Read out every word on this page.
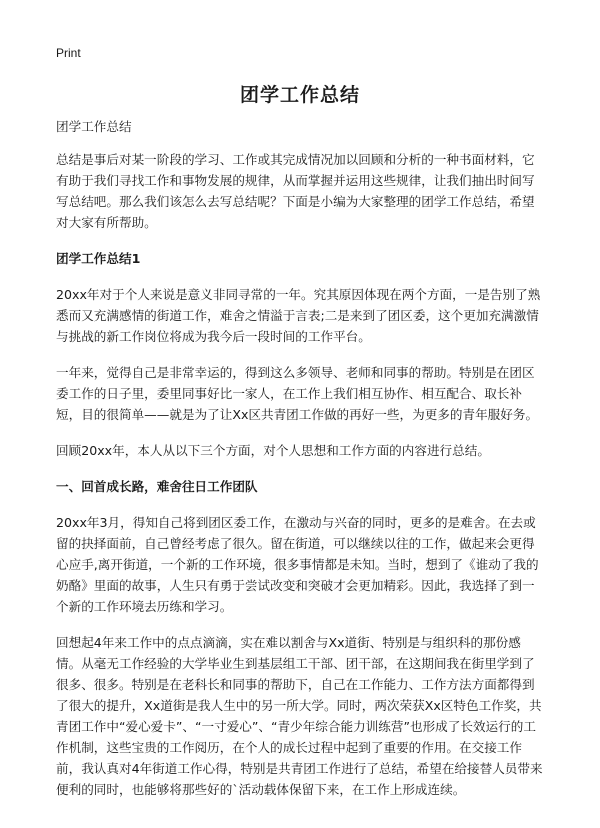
Print
团学工作总结

团学工作总结

总结是事后对某一阶段的学习、工作或其完成情况加以回顾和分析的一种书面材料，它有助于我们寻找工作和事物发展的规律，从而掌握并运用这些规律，让我们抽出时间写写总结吧。那么我们该怎么去写总结呢？下面是小编为大家整理的团学工作总结，希望对大家有所帮助。

团学工作总结1

20xx年对于个人来说是意义非同寻常的一年。究其原因体现在两个方面，一是告别了熟悉而又充满感情的街道工作，难舍之情溢于言表;二是来到了团区委，这个更加充满激情与挑战的新工作岗位将成为我今后一段时间的工作平台。

一年来，觉得自己是非常幸运的，得到这么多领导、老师和同事的帮助。特别是在团区委工作的日子里，委里同事好比一家人，在工作上我们相互协作、相互配合、取长补短，目的很简单——就是为了让Xx区共青团工作做的再好一些，为更多的青年服好务。

回顾20xx年，本人从以下三个方面，对个人思想和工作方面的内容进行总结。

一、回首成长路，难舍往日工作团队

20xx年3月，得知自己将到团区委工作，在激动与兴奋的同时，更多的是难舍。在去或留的抉择面前，自己曾经考虑了很久。留在街道，可以继续以往的工作，做起来会更得心应手,离开街道，一个新的工作环境，很多事情都是未知。当时，想到了《谁动了我的奶酪》里面的故事，人生只有勇于尝试改变和突破才会更加精彩。因此，我选择了到一个新的工作环境去历练和学习。

回想起4年来工作中的点点滴滴，实在难以割舍与Xx道街、特别是与组织科的那份感情。从毫无工作经验的大学毕业生到基层组工干部、团干部，在这期间我在街里学到了很多、很多。特别是在老科长和同事的帮助下，自己在工作能力、工作方法方面都得到了很大的提升，Xx道街是我人生中的另一所大学。同时，两次荣获Xx区特色工作奖，共青团工作中“爱心爱卡”、“一寸爱心”、“青少年综合能力训练营”也形成了长效运行的工作机制，这些宝贵的工作阅历，在个人的成长过程中起到了重要的作用。在交接工作前，我认真对4年街道工作心得，特别是共青团工作进行了总结，希望在给接替人员带来便利的同时，也能够将那些好的`活动载体保留下来，在工作上形成连续。
